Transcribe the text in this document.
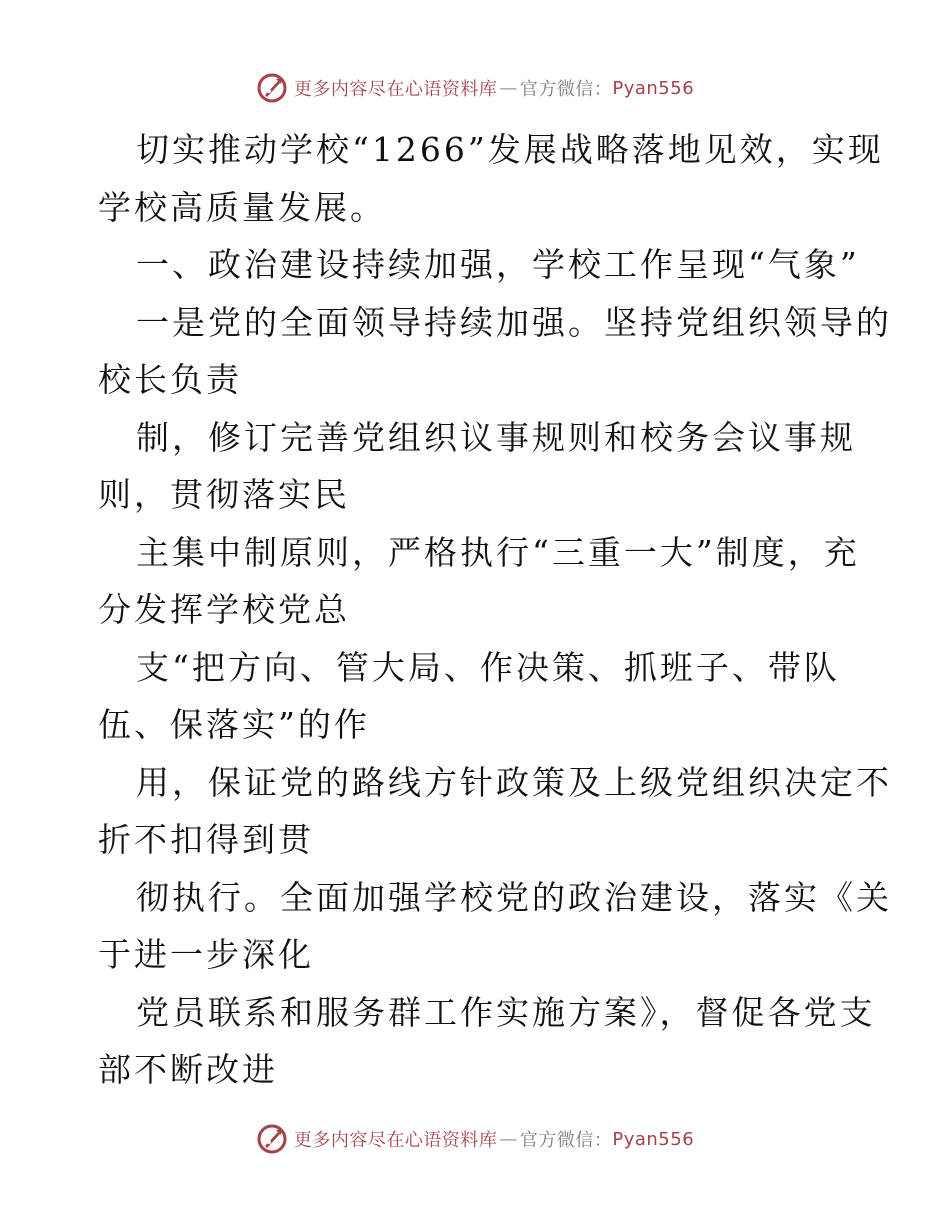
更多内容尽在心语资料库 — 官方微信： Pyan556
切实推动学校“1266”发展战略落地见效，实现
学校高质量发展。
一、政治建设持续加强，学校工作呈现“气象”
一是党的全面领导持续加强。坚持党组织领导的
校长负责
制，修订完善党组织议事规则和校务会议事规
则，贯彻落实民
主集中制原则，严格执行“三重一大”制度，充
分发挥学校党总
支“把方向、管大局、作决策、抓班子、带队
伍、保落实”的作
用，保证党的路线方针政策及上级党组织决定不
折不扣得到贯
彻执行。全面加强学校党的政治建设，落实《关
于进一步深化
党员联系和服务群工作实施方案》，督促各党支
部不断改进
更多内容尽在心语资料库 — 官方微信： Pyan556
